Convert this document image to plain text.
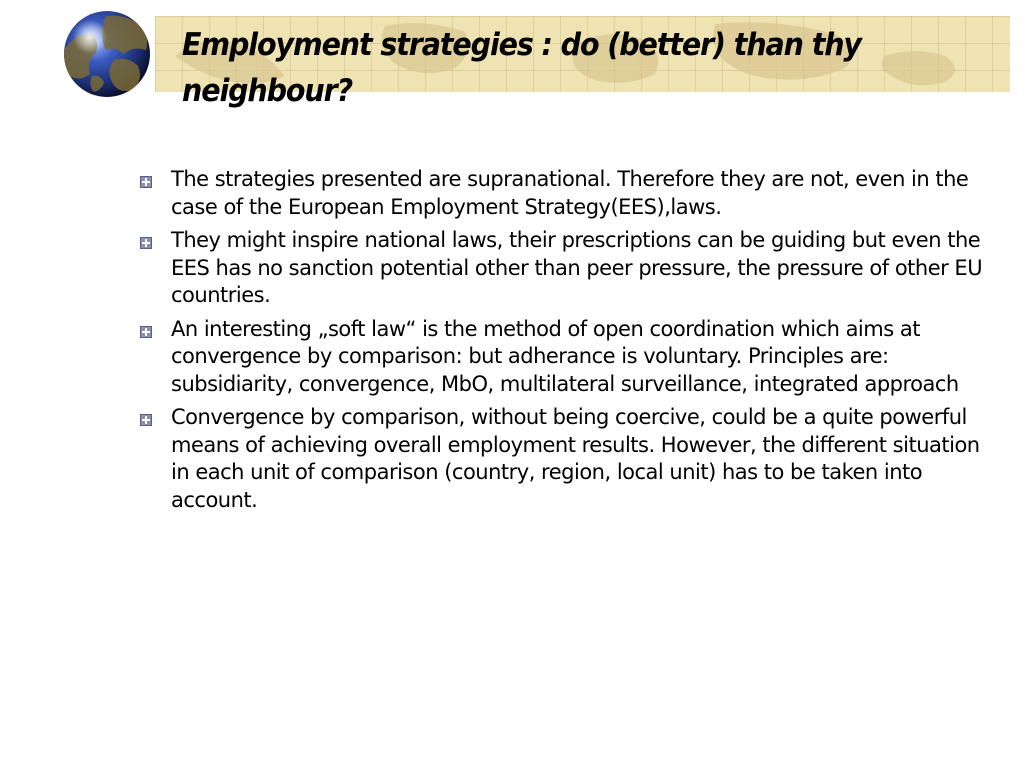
Employment strategies : do (better) than thy neighbour?
The strategies presented are supranational. Therefore they are not, even in the case of the European Employment Strategy(EES),laws.
They might inspire national laws, their prescriptions can be guiding but even the EES has no sanction potential other than peer pressure, the pressure of other EU countries.
An interesting „soft law“ is the method of open coordination which aims at convergence by comparison: but adherance is voluntary. Principles are: subsidiarity, convergence, MbO, multilateral surveillance, integrated approach
Convergence by comparison, without being coercive, could be a quite powerful means of achieving overall employment results. However, the different situation in each unit of comparison (country, region, local unit) has to be taken into account.
